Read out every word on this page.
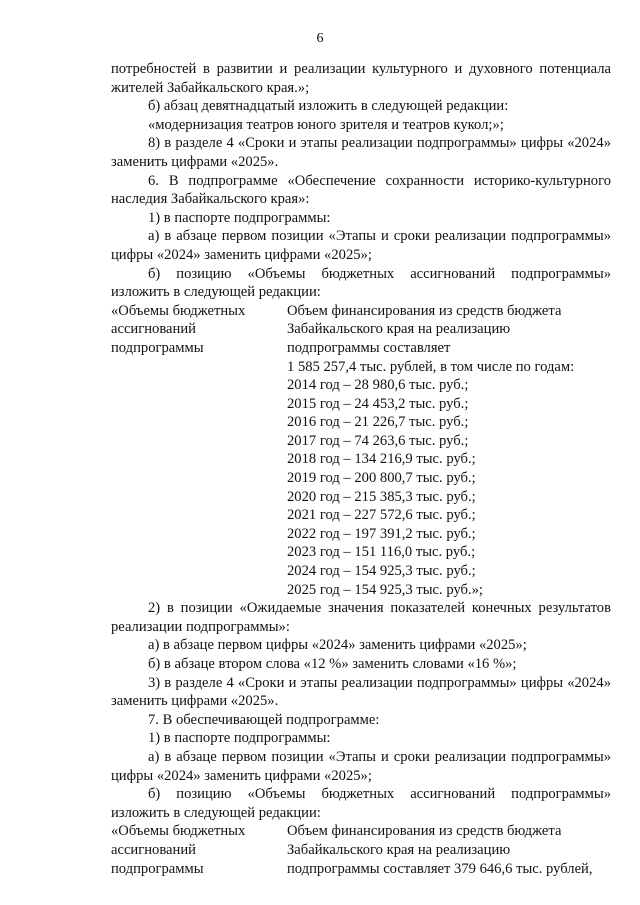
6

потребностей в развитии и реализации культурного и духовного потенциала жителей Забайкальского края.»;

б) абзац девятнадцатый изложить в следующей редакции:

«модернизация театров юного зрителя и театров кукол;»;

8) в разделе 4 «Сроки и этапы реализации подпрограммы» цифры «2024» заменить цифрами «2025».

6. В подпрограмме «Обеспечение сохранности историко-культурного наследия Забайкальского края»:

1) в паспорте подпрограммы:

а) в абзаце первом позиции «Этапы и сроки реализации подпрограммы» цифры «2024» заменить цифрами «2025»;

б) позицию «Объемы бюджетных ассигнований подпрограммы» изложить в следующей редакции:

«Объемы бюджетных
ассигнований
подпрограммы
Объем финансирования из средств бюджета
Забайкальского края на реализацию
подпрограммы составляет
1 585 257,4 тыс. рублей, в том числе по годам:
2014 год – 28 980,6 тыс. руб.;
2015 год – 24 453,2 тыс. руб.;
2016 год – 21 226,7 тыс. руб.;
2017 год – 74 263,6 тыс. руб.;
2018 год – 134 216,9 тыс. руб.;
2019 год – 200 800,7 тыс. руб.;
2020 год – 215 385,3 тыс. руб.;
2021 год – 227 572,6 тыс. руб.;
2022 год – 197 391,2 тыс. руб.;
2023 год – 151 116,0 тыс. руб.;
2024 год – 154 925,3 тыс. руб.;
2025 год – 154 925,3 тыс. руб.»;

2) в позиции «Ожидаемые значения показателей конечных результатов реализации подпрограммы»:

а) в абзаце первом цифры «2024» заменить цифрами «2025»;

б) в абзаце втором слова «12 %» заменить словами «16 %»;

3) в разделе 4 «Сроки и этапы реализации подпрограммы» цифры «2024» заменить цифрами «2025».

7. В обеспечивающей подпрограмме:

1) в паспорте подпрограммы:

а) в абзаце первом позиции «Этапы и сроки реализации подпрограммы» цифры «2024» заменить цифрами «2025»;

б) позицию «Объемы бюджетных ассигнований подпрограммы» изложить в следующей редакции:

«Объемы бюджетных
ассигнований
подпрограммы
Объем финансирования из средств бюджета
Забайкальского края на реализацию
подпрограммы составляет 379 646,6 тыс. рублей,
